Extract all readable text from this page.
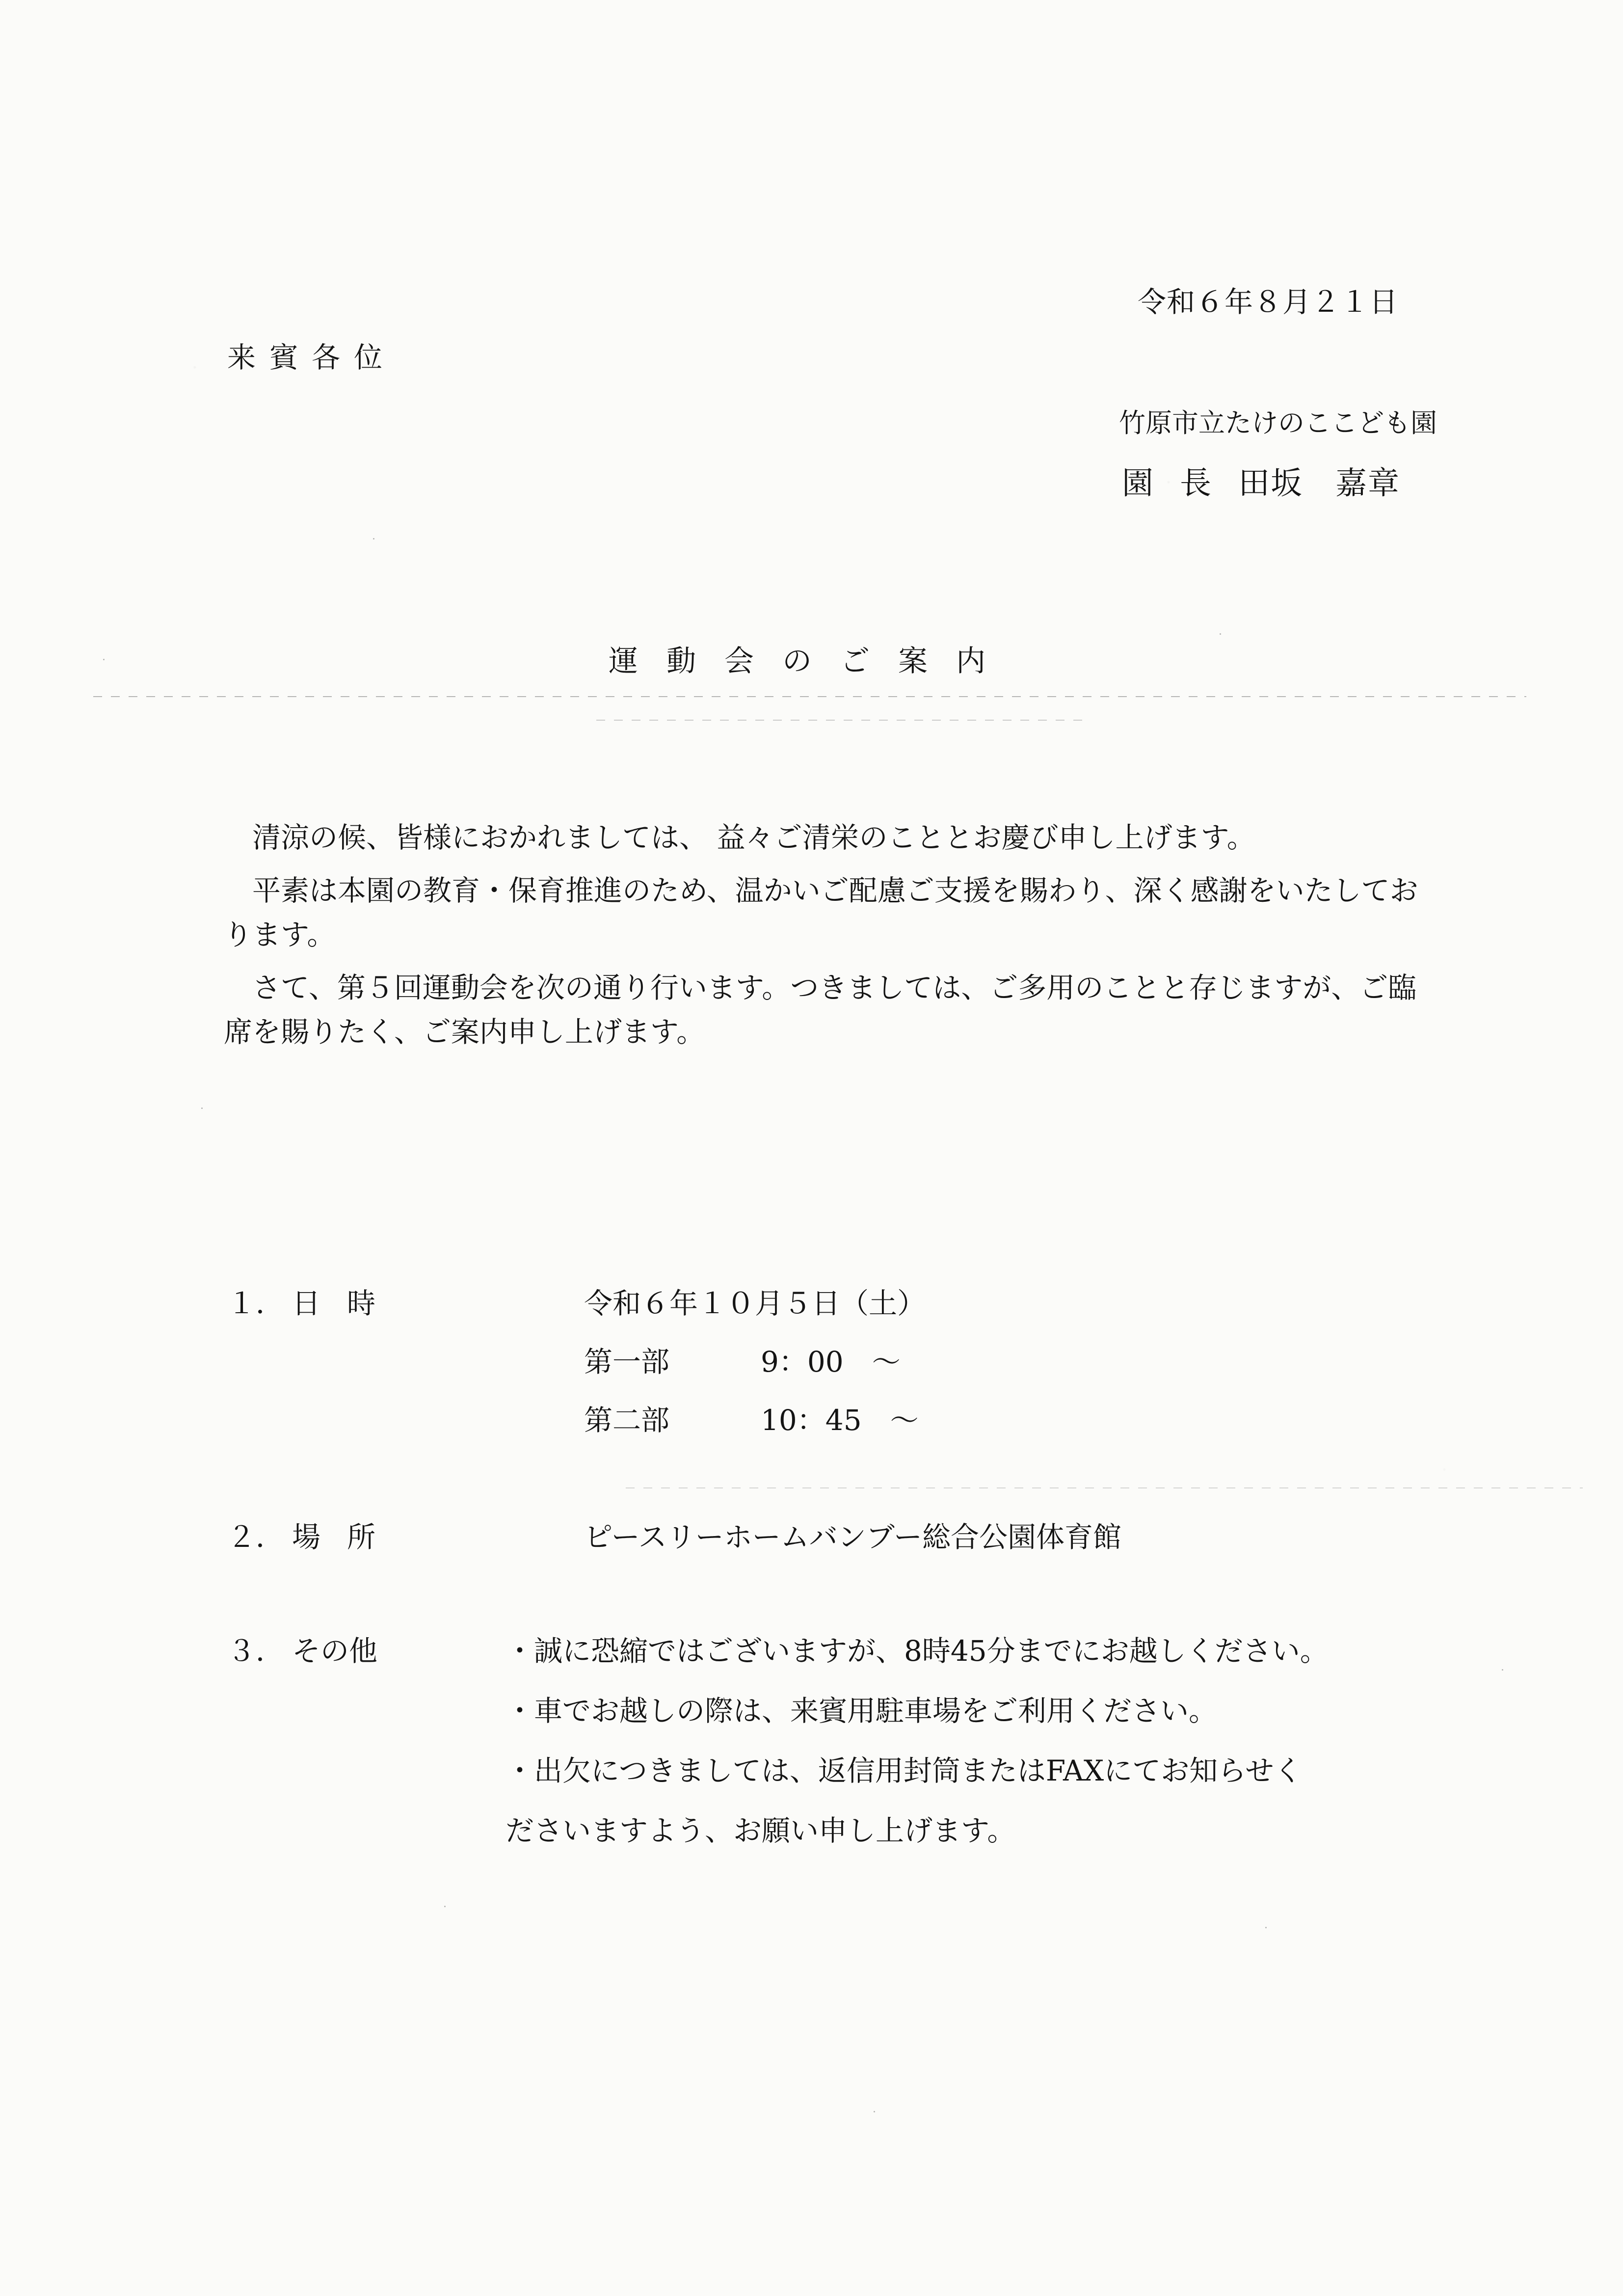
令和６年８月２１日
来賓各位
竹原市立たけのここども園
園長 田坂　嘉章
運動会のご案内

清涼の候、皆様におかれましては、 益々ご清栄のこととお慶び申し上げます。

平素は本園の教育・保育推進のため、温かいご配慮ご支援を賜わり、深く感謝をいたしております。

さて、第５回運動会を次の通り行います。つきましては、ご多用のことと存じますが、ご臨席を賜りたく、ご案内申し上げます。

１． 日時	令和６年１０月５日（土）
第一部	9：00　～
第二部	10：45　～
２． 場所	ピースリーホームバンブー総合公園体育館
３． その他	・誠に恐縮ではございますが、8時45分までにお越しください。
・車でお越しの際は、来賓用駐車場をご利用ください。
・出欠につきましては、返信用封筒またはFAXにてお知らせく
ださいますよう、お願い申し上げます。
